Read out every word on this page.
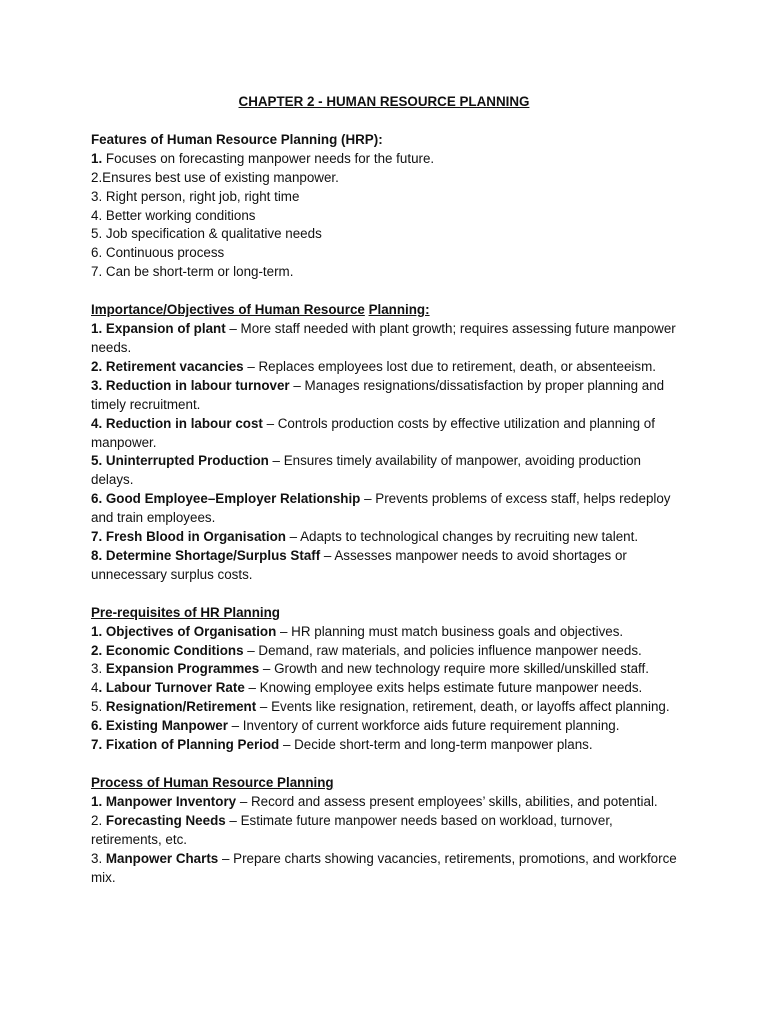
CHAPTER 2 - HUMAN RESOURCE PLANNING

Features of Human Resource Planning (HRP):

1. Focuses on forecasting manpower needs for the future.

2.Ensures best use of existing manpower.

3. Right person, right job, right time

4. Better working conditions

5. Job specification & qualitative needs

6. Continuous process

7. Can be short-term or long-term.

Importance/Objectives of Human Resource Planning:

1. Expansion of plant – More staff needed with plant growth; requires assessing future manpower needs.

2. Retirement vacancies – Replaces employees lost due to retirement, death, or absenteeism.

3. Reduction in labour turnover – Manages resignations/dissatisfaction by proper planning and timely recruitment.

4. Reduction in labour cost – Controls production costs by effective utilization and planning of manpower.

5. Uninterrupted Production – Ensures timely availability of manpower, avoiding production delays.

6. Good Employee–Employer Relationship – Prevents problems of excess staff, helps redeploy and train employees.

7. Fresh Blood in Organisation – Adapts to technological changes by recruiting new talent.

8. Determine Shortage/Surplus Staff – Assesses manpower needs to avoid shortages or unnecessary surplus costs.

Pre-requisites of HR Planning

1. Objectives of Organisation – HR planning must match business goals and objectives.

2. Economic Conditions – Demand, raw materials, and policies influence manpower needs.

3. Expansion Programmes – Growth and new technology require more skilled/unskilled staff.

4. Labour Turnover Rate – Knowing employee exits helps estimate future manpower needs.

5. Resignation/Retirement – Events like resignation, retirement, death, or layoffs affect planning.

6. Existing Manpower – Inventory of current workforce aids future requirement planning.

7. Fixation of Planning Period – Decide short-term and long-term manpower plans.

Process of Human Resource Planning

1. Manpower Inventory – Record and assess present employees’ skills, abilities, and potential.

2. Forecasting Needs – Estimate future manpower needs based on workload, turnover, retirements, etc.

3. Manpower Charts – Prepare charts showing vacancies, retirements, promotions, and workforce mix.
